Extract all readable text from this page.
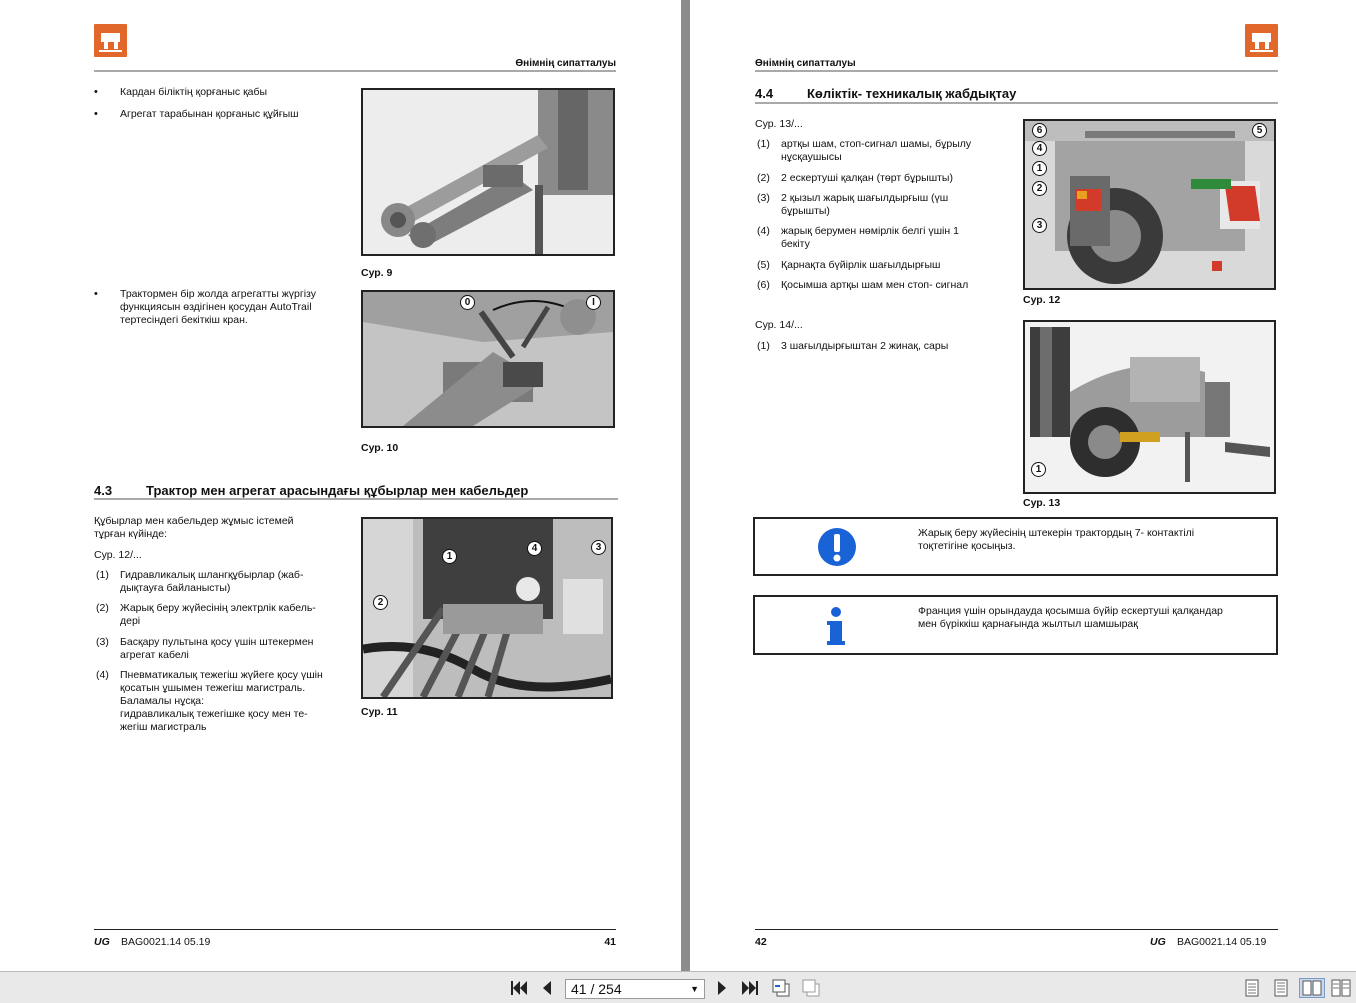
Өнімнің сипатталуы
• Кардан біліктің қорғаныс қабы
• Агрегат тарабынан қорғаныс құйғыш
Сур. 9
• Трактормен бір жолда агрегатты жүргізу
функциясын өздігінен қосудан AutoTrail
тертесіндегі бекіткіш кран.
0	I
Сур. 10
4.3	Трактор мен агрегат арасындағы құбырлар мен кабельдер
Құбырлар мен кабельдер жұмыс істемей
тұрған күйінде:
Сур. 12/...
(1) Гидравликалық шлангқұбырлар (жаб-
дықтауға байланысты)
(2) Жарық беру жүйесінің электрлік кабель-
дері
(3) Басқару пультына қосу үшін штекермен
агрегат кабелі
(4) Пневматикалық тежегіш жүйеге қосу үшін
қосатын ұшымен тежегіш магистраль.
Баламалы нұсқа:
гидравликалық тежегішке қосу мен те-
жегіш магистраль
1
2
3
4
Сур. 11
UG BAG0021.14 05.19	41
Өнімнің сипатталуы
4.4	Көліктік- техникалық жабдықтау
Сур. 13/...
(1) артқы шам, стоп-сигнал шамы, бұрылу
нұсқаушысы
(2) 2 ескертуші қалқан (төрт бұрышты)
(3) 2 қызыл жарық шағылдырғыш (үш
бұрышты)
(4) жарық берумен нөмірлік белгі үшін 1
бекіту
(5) Қарнақта бүйірлік шағылдырғыш
(6) Қосымша артқы шам мен стоп- сигнал
Сур. 14/...
(1) 3 шағылдырғыштан 2 жинақ, сары
6	5
4
1
2
3
Сур. 12
1
Сур. 13
Жарық беру жүйесінің штекерін трактордың 7- контактілі
тоқтетігіне қосыңыз.
Франция үшін орындауда қосымша бүйір ескертуші қалқандар
мен бүріккіш қарнағында жылтыл шамшырақ
42	UG BAG0021.14 05.19
41 / 254	▼
